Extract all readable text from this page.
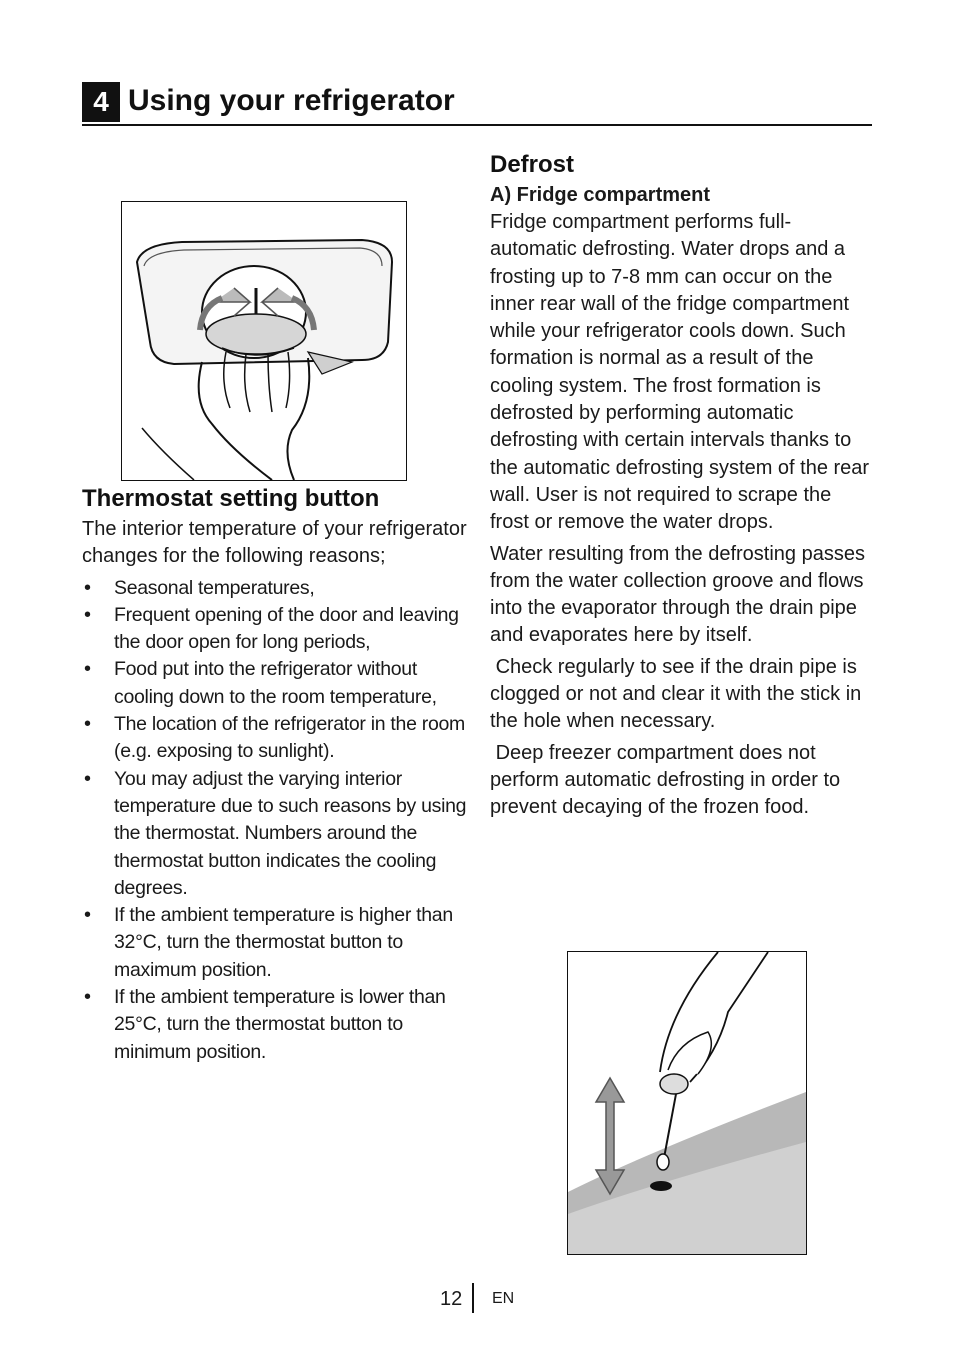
4 Using your refrigerator
Thermostat setting button

The interior temperature of your refrigerator changes for the following reasons;

• Seasonal temperatures,
• Frequent opening of the door and leaving the door open for long periods,
• Food put into the refrigerator without cooling down to the room temperature,
• The location of the refrigerator in the room (e.g. exposing to sunlight).
• You may adjust the varying interior temperature due to such reasons by using the thermostat. Numbers around the thermostat button indicates the cooling degrees.
• If the ambient temperature is higher than 32°C, turn the thermostat button to maximum position.
• If the ambient temperature is lower than 25°C, turn the thermostat button to minimum position.
Defrost
A) Fridge compartment

Fridge compartment performs full-automatic defrosting. Water drops and a frosting up to 7-8 mm can occur on the inner rear wall of the fridge compartment while your refrigerator cools down. Such formation is normal as a result of the cooling system. The frost formation is defrosted by performing automatic defrosting with certain intervals thanks to the automatic defrosting system of the rear wall. User is not required to scrape the frost or remove the water drops.

Water resulting from the defrosting passes from the water collection groove and flows into the evaporator through the drain pipe and evaporates here by itself.

Check regularly to see if the drain pipe is clogged or not and clear it with the stick in the hole when necessary.

Deep freezer compartment does not perform automatic defrosting in order to prevent decaying of the frozen food.

12 EN
